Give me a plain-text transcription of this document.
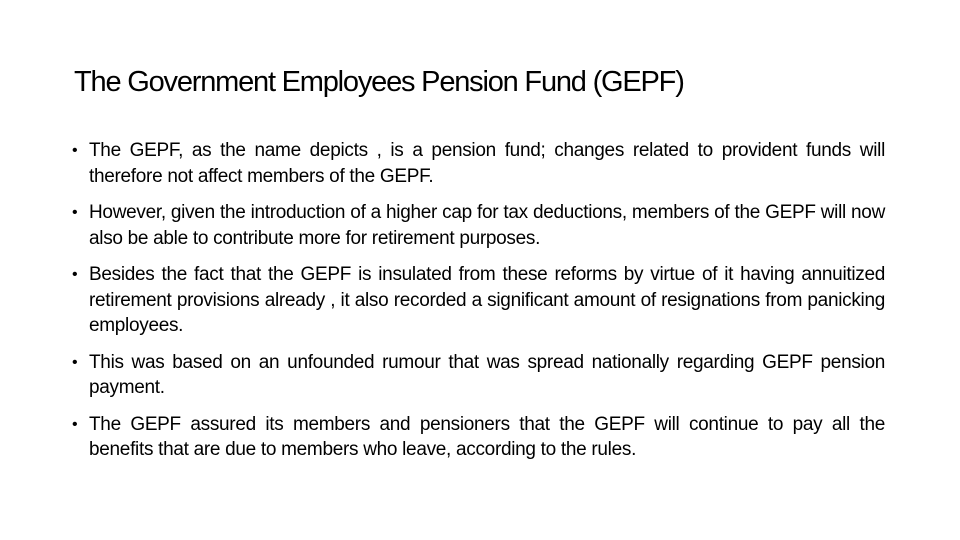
The Government Employees Pension Fund (GEPF)
• The GEPF, as the name depicts , is a pension fund; changes related to provident funds will therefore not affect members of the GEPF.
• However, given the introduction of a higher cap for tax deductions, members of the GEPF will now also be able to contribute more for retirement purposes.
• Besides the fact that the GEPF is insulated from these reforms by virtue of it having annuitized retirement provisions already , it also recorded a significant amount of resignations from panicking employees.
• This was based on an unfounded rumour that was spread nationally regarding GEPF pension payment.
• The GEPF assured its members and pensioners that the GEPF will continue to pay all the benefits that are due to members who leave, according to the rules.
